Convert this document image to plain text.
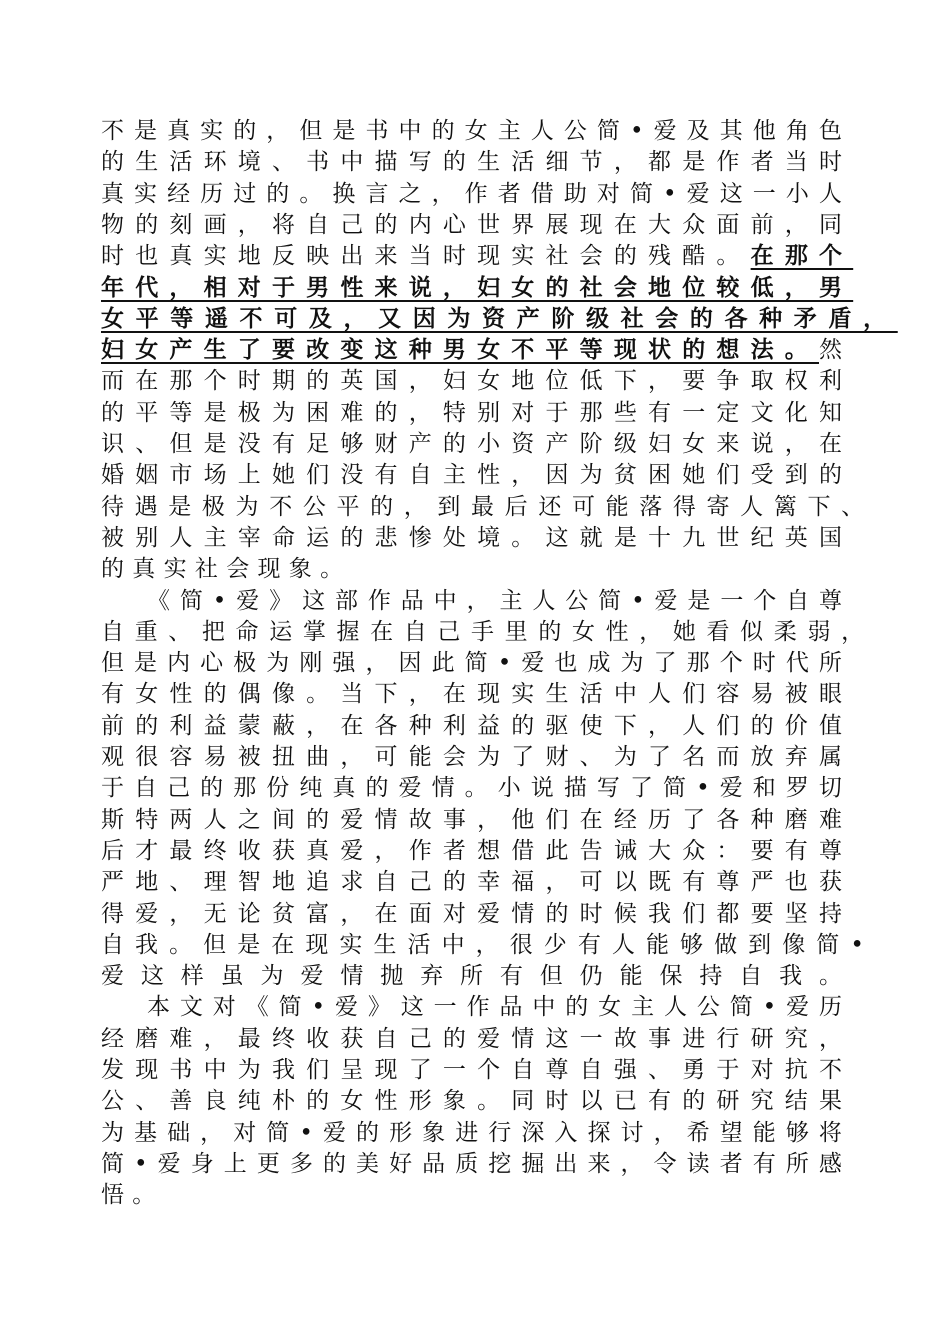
不是真实的，但是书中的女主人公简•爱及其他角色
的生活环境、书中描写的生活细节，都是作者当时
真实经历过的。换言之，作者借助对简•爱这一小人
物的刻画，将自己的内心世界展现在大众面前，同
时也真实地反映出来当时现实社会的残酷。在那个
年代，相对于男性来说，妇女的社会地位较低，男
女平等遥不可及，又因为资产阶级社会的各种矛盾，
妇女产生了要改变这种男女不平等现状的想法。然
而在那个时期的英国，妇女地位低下，要争取权利
的平等是极为困难的，特别对于那些有一定文化知
识、但是没有足够财产的小资产阶级妇女来说，在
婚姻市场上她们没有自主性，因为贫困她们受到的
待遇是极为不公平的，到最后还可能落得寄人篱下、
被别人主宰命运的悲惨处境。这就是十九世纪英国
的真实社会现象。
《简•爱》这部作品中，主人公简•爱是一个自尊
自重、把命运掌握在自己手里的女性，她看似柔弱，
但是内心极为刚强，因此简•爱也成为了那个时代所
有女性的偶像。当下，在现实生活中人们容易被眼
前的利益蒙蔽，在各种利益的驱使下，人们的价值
观很容易被扭曲，可能会为了财、为了名而放弃属
于自己的那份纯真的爱情。小说描写了简•爱和罗切
斯特两人之间的爱情故事，他们在经历了各种磨难
后才最终收获真爱，作者想借此告诫大众：要有尊
严地、理智地追求自己的幸福，可以既有尊严也获
得爱，无论贫富，在面对爱情的时候我们都要坚持
自我。但是在现实生活中，很少有人能够做到像简•
爱这样虽为爱情抛弃所有但仍能保持自我。
本文对《简•爱》这一作品中的女主人公简•爱历
经磨难，最终收获自己的爱情这一故事进行研究，
发现书中为我们呈现了一个自尊自强、勇于对抗不
公、善良纯朴的女性形象。同时以已有的研究结果
为基础，对简•爱的形象进行深入探讨，希望能够将
简•爱身上更多的美好品质挖掘出来，令读者有所感
悟。
